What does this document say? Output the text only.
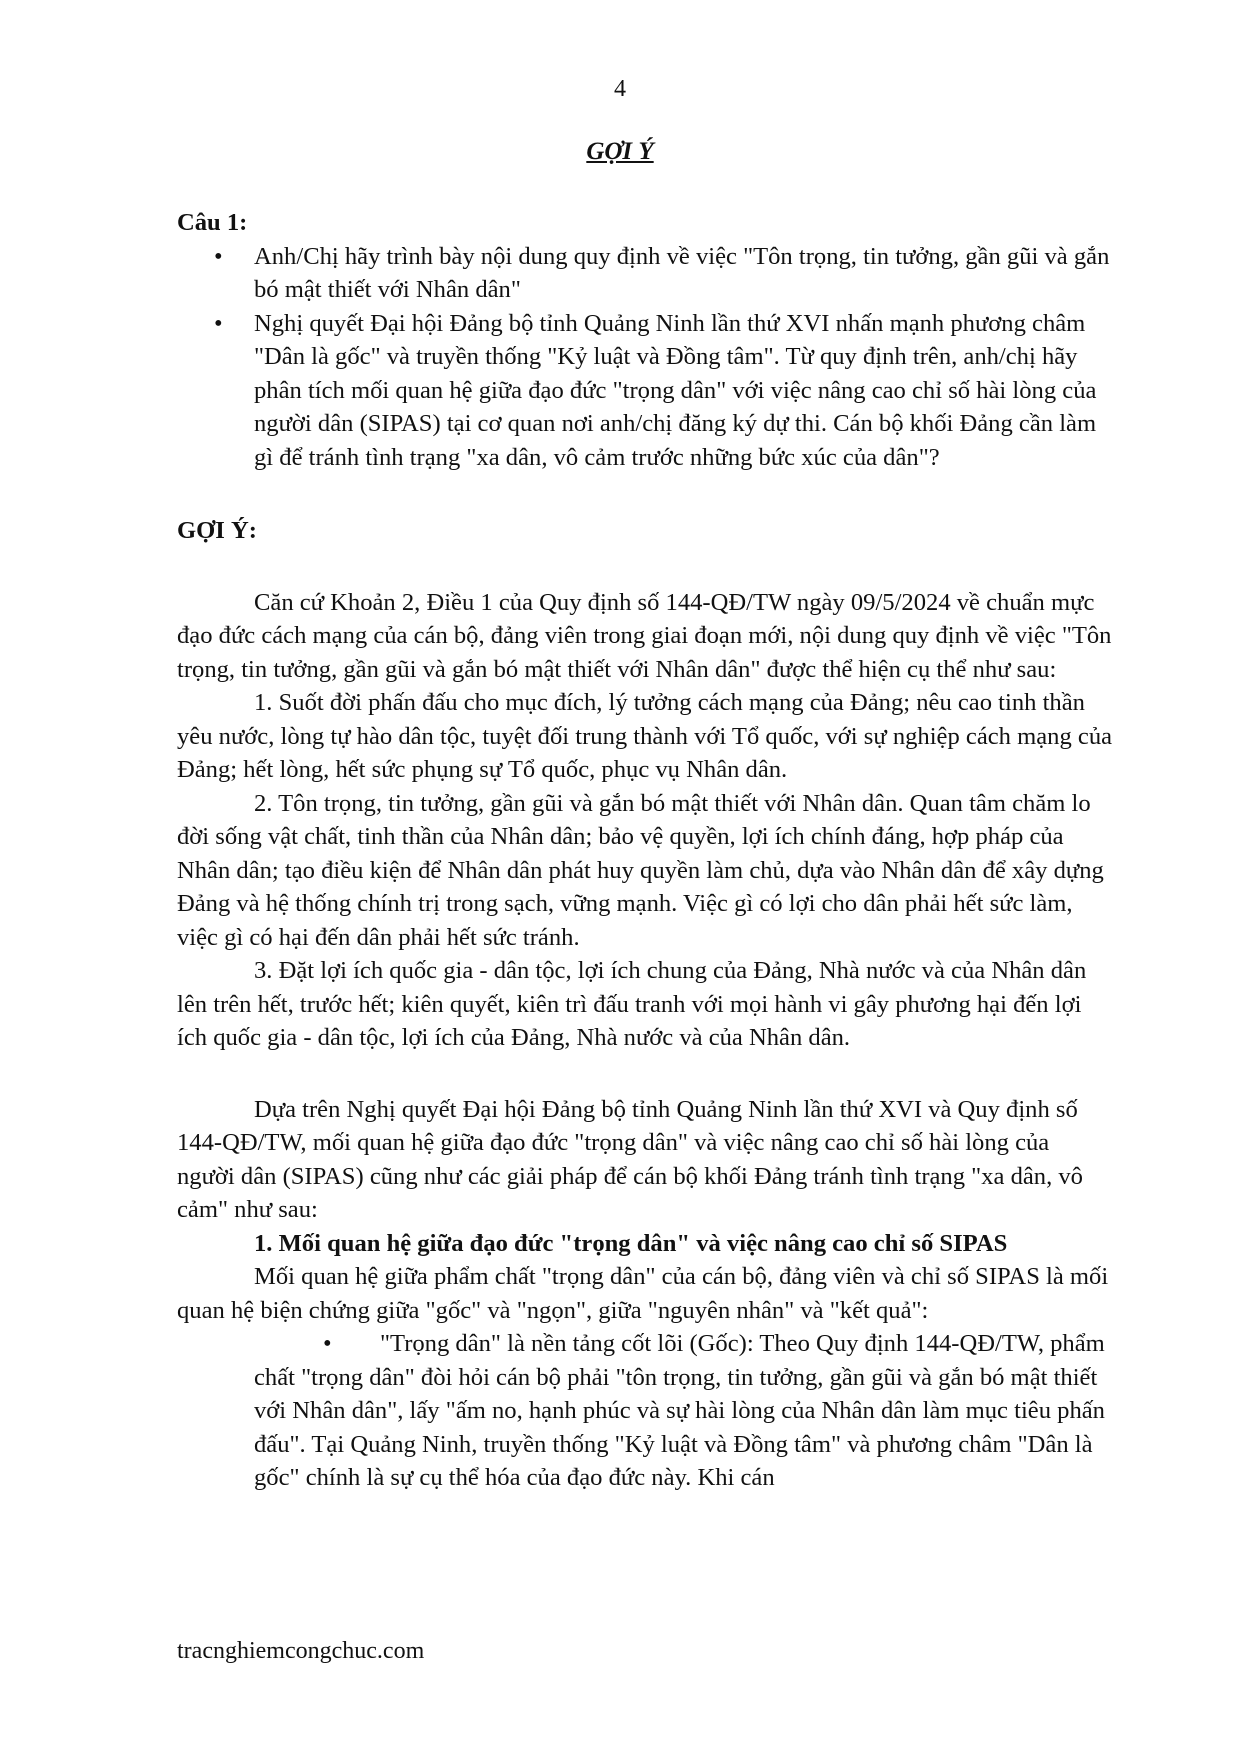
4
GỢI Ý
Câu 1:
• Anh/Chị hãy trình bày nội dung quy định về việc "Tôn trọng, tin tưởng, gần gũi và gắn bó mật thiết với Nhân dân"
• Nghị quyết Đại hội Đảng bộ tỉnh Quảng Ninh lần thứ XVI nhấn mạnh phương châm "Dân là gốc" và truyền thống "Kỷ luật và Đồng tâm". Từ quy định trên, anh/chị hãy phân tích mối quan hệ giữa đạo đức "trọng dân" với việc nâng cao chỉ số hài lòng của người dân (SIPAS) tại cơ quan nơi anh/chị đăng ký dự thi. Cán bộ khối Đảng cần làm gì để tránh tình trạng "xa dân, vô cảm trước những bức xúc của dân"?
GỢI Ý:

Căn cứ Khoản 2, Điều 1 của Quy định số 144-QĐ/TW ngày 09/5/2024 về chuẩn mực đạo đức cách mạng của cán bộ, đảng viên trong giai đoạn mới, nội dung quy định về việc "Tôn trọng, tin tưởng, gần gũi và gắn bó mật thiết với Nhân dân" được thể hiện cụ thể như sau:

1. Suốt đời phấn đấu cho mục đích, lý tưởng cách mạng của Đảng; nêu cao tinh thần yêu nước, lòng tự hào dân tộc, tuyệt đối trung thành với Tổ quốc, với sự nghiệp cách mạng của Đảng; hết lòng, hết sức phụng sự Tổ quốc, phục vụ Nhân dân.

2. Tôn trọng, tin tưởng, gần gũi và gắn bó mật thiết với Nhân dân. Quan tâm chăm lo đời sống vật chất, tinh thần của Nhân dân; bảo vệ quyền, lợi ích chính đáng, hợp pháp của Nhân dân; tạo điều kiện để Nhân dân phát huy quyền làm chủ, dựa vào Nhân dân để xây dựng Đảng và hệ thống chính trị trong sạch, vững mạnh. Việc gì có lợi cho dân phải hết sức làm, việc gì có hại đến dân phải hết sức tránh.

3. Đặt lợi ích quốc gia - dân tộc, lợi ích chung của Đảng, Nhà nước và của Nhân dân lên trên hết, trước hết; kiên quyết, kiên trì đấu tranh với mọi hành vi gây phương hại đến lợi ích quốc gia - dân tộc, lợi ích của Đảng, Nhà nước và của Nhân dân.

Dựa trên Nghị quyết Đại hội Đảng bộ tỉnh Quảng Ninh lần thứ XVI và Quy định số 144-QĐ/TW, mối quan hệ giữa đạo đức "trọng dân" và việc nâng cao chỉ số hài lòng của người dân (SIPAS) cũng như các giải pháp để cán bộ khối Đảng tránh tình trạng "xa dân, vô cảm" như sau:

1. Mối quan hệ giữa đạo đức "trọng dân" và việc nâng cao chỉ số SIPAS

Mối quan hệ giữa phẩm chất "trọng dân" của cán bộ, đảng viên và chỉ số SIPAS là mối quan hệ biện chứng giữa "gốc" và "ngọn", giữa "nguyên nhân" và "kết quả":

• "Trọng dân" là nền tảng cốt lõi (Gốc): Theo Quy định 144-QĐ/TW, phẩm chất "trọng dân" đòi hỏi cán bộ phải "tôn trọng, tin tưởng, gần gũi và gắn bó mật thiết với Nhân dân", lấy "ấm no, hạnh phúc và sự hài lòng của Nhân dân làm mục tiêu phấn đấu". Tại Quảng Ninh, truyền thống "Kỷ luật và Đồng tâm" và phương châm "Dân là gốc" chính là sự cụ thể hóa của đạo đức này. Khi cán

tracnghiemcongchuc.com
